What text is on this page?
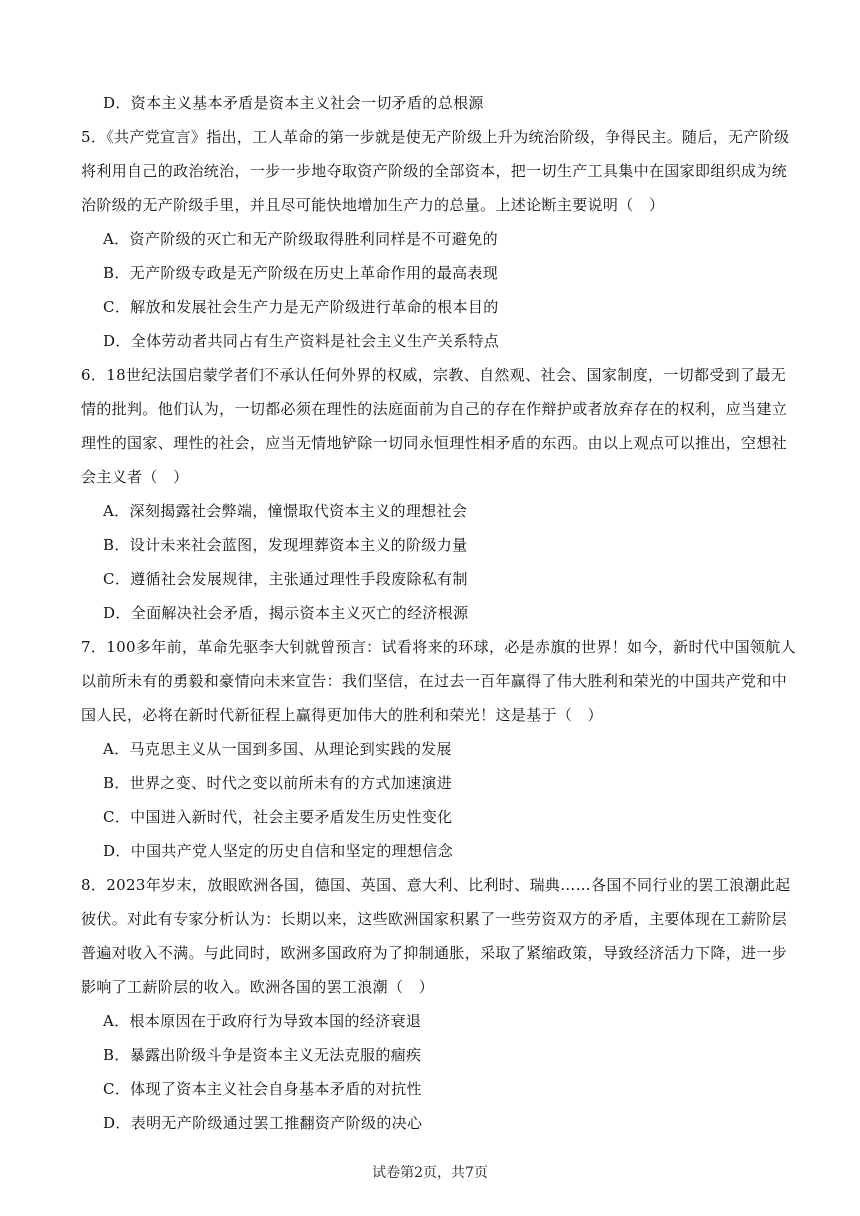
D．资本主义基本矛盾是资本主义社会一切矛盾的总根源
5．《共产党宣言》指出，工人革命的第一步就是使无产阶级上升为统治阶级，争得民主。随后，无产阶级
将利用自己的政治统治，一步一步地夺取资产阶级的全部资本，把一切生产工具集中在国家即组织成为统
治阶级的无产阶级手里，并且尽可能快地增加生产力的总量。上述论断主要说明（　）
A．资产阶级的灭亡和无产阶级取得胜利同样是不可避免的
B．无产阶级专政是无产阶级在历史上革命作用的最高表现
C．解放和发展社会生产力是无产阶级进行革命的根本目的
D．全体劳动者共同占有生产资料是社会主义生产关系特点
6．18世纪法国启蒙学者们不承认任何外界的权威，宗教、自然观、社会、国家制度，一切都受到了最无
情的批判。他们认为，一切都必须在理性的法庭面前为自己的存在作辩护或者放弃存在的权利，应当建立
理性的国家、理性的社会，应当无情地铲除一切同永恒理性相矛盾的东西。由以上观点可以推出，空想社
会主义者（　）
A．深刻揭露社会弊端，憧憬取代资本主义的理想社会
B．设计未来社会蓝图，发现埋葬资本主义的阶级力量
C．遵循社会发展规律，主张通过理性手段废除私有制
D．全面解决社会矛盾，揭示资本主义灭亡的经济根源
7．100多年前，革命先驱李大钊就曾预言：试看将来的环球，必是赤旗的世界！如今，新时代中国领航人
以前所未有的勇毅和豪情向未来宣告：我们坚信，在过去一百年赢得了伟大胜利和荣光的中国共产党和中
国人民，必将在新时代新征程上赢得更加伟大的胜利和荣光！这是基于（　）
A．马克思主义从一国到多国、从理论到实践的发展
B．世界之变、时代之变以前所未有的方式加速演进
C．中国进入新时代，社会主要矛盾发生历史性变化
D．中国共产党人坚定的历史自信和坚定的理想信念
8．2023年岁末，放眼欧洲各国，德国、英国、意大利、比利时、瑞典……各国不同行业的罢工浪潮此起
彼伏。对此有专家分析认为：长期以来，这些欧洲国家积累了一些劳资双方的矛盾，主要体现在工薪阶层
普遍对收入不满。与此同时，欧洲多国政府为了抑制通胀，采取了紧缩政策，导致经济活力下降，进一步
影响了工薪阶层的收入。欧洲各国的罢工浪潮（　）
A．根本原因在于政府行为导致本国的经济衰退
B．暴露出阶级斗争是资本主义无法克服的痼疾
C．体现了资本主义社会自身基本矛盾的对抗性
D．表明无产阶级通过罢工推翻资产阶级的决心
试卷第2页，共7页
